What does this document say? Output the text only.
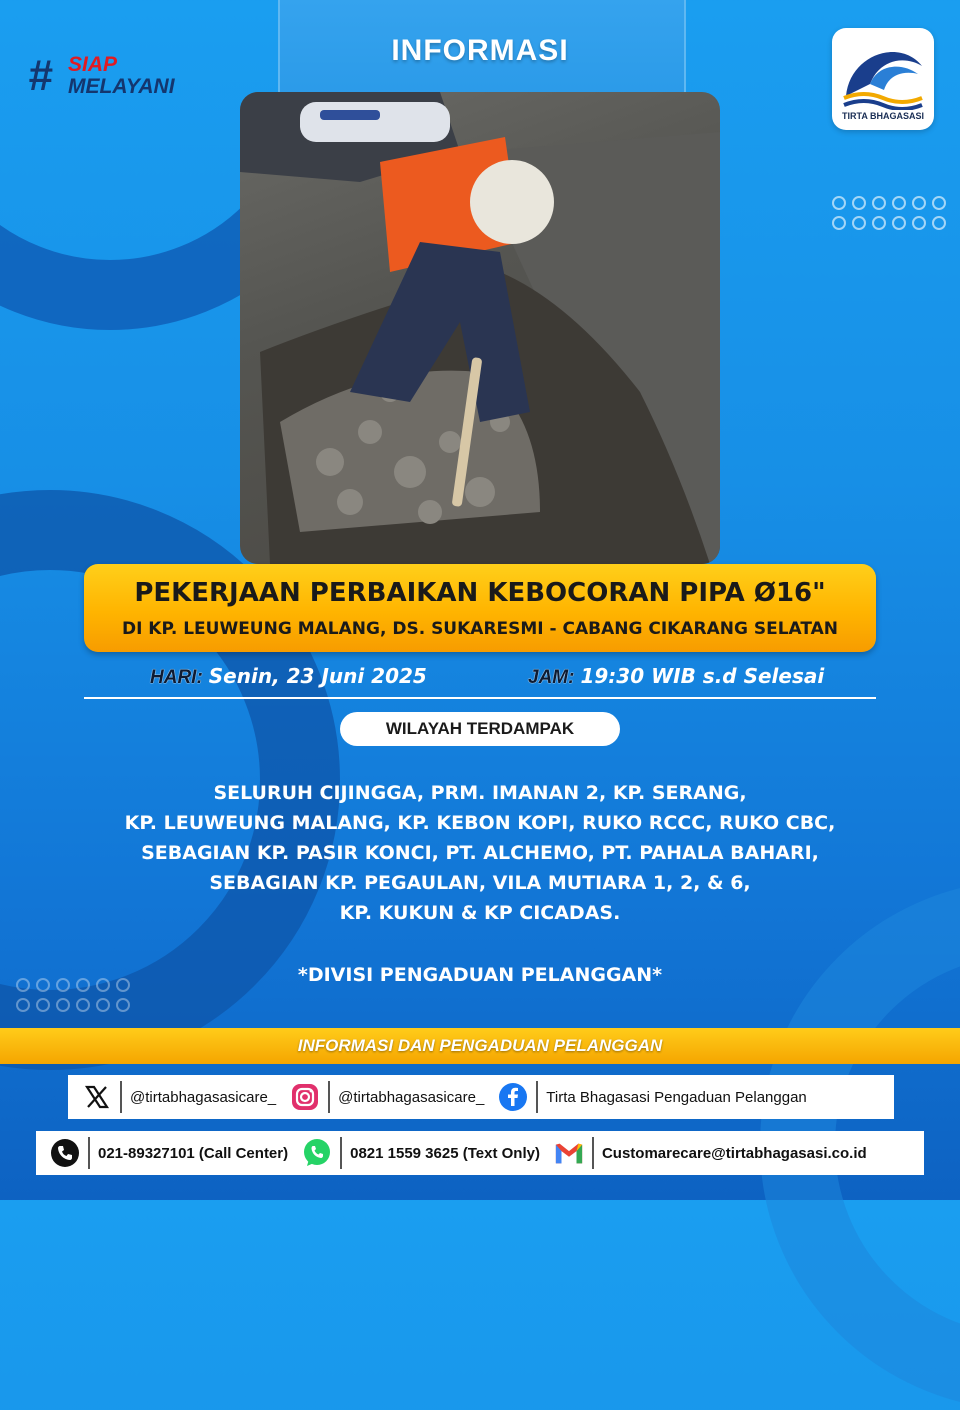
INFORMASI
# SIAP
MELAYANI
TIRTA BHAGASASI
PEKERJAAN PERBAIKAN KEBOCORAN PIPA Ø16"
DI KP. LEUWEUNG MALANG, DS. SUKARESMI - CABANG CIKARANG SELATAN
HARI: Senin, 23 Juni 2025	JAM: 19:30 WIB s.d Selesai
WILAYAH TERDAMPAK
SELURUH CIJINGGA, PRM. IMANAN 2, KP. SERANG,
KP. LEUWEUNG MALANG, KP. KEBON KOPI, RUKO RCCC, RUKO CBC,
SEBAGIAN KP. PASIR KONCI, PT. ALCHEMO, PT. PAHALA BAHARI,
SEBAGIAN KP. PEGAULAN, VILA MUTIARA 1, 2, & 6,
KP. KUKUN & KP CICADAS.
*DIVISI PENGADUAN PELANGGAN*
INFORMASI DAN PENGADUAN PELANGGAN
@tirtabhagasasicare_	@tirtabhagasasicare_	Tirta Bhagasasi Pengaduan Pelanggan
021-89327101 (Call Center)	0821 1559 3625 (Text Only)	Customarecare@tirtabhagasasi.co.id
